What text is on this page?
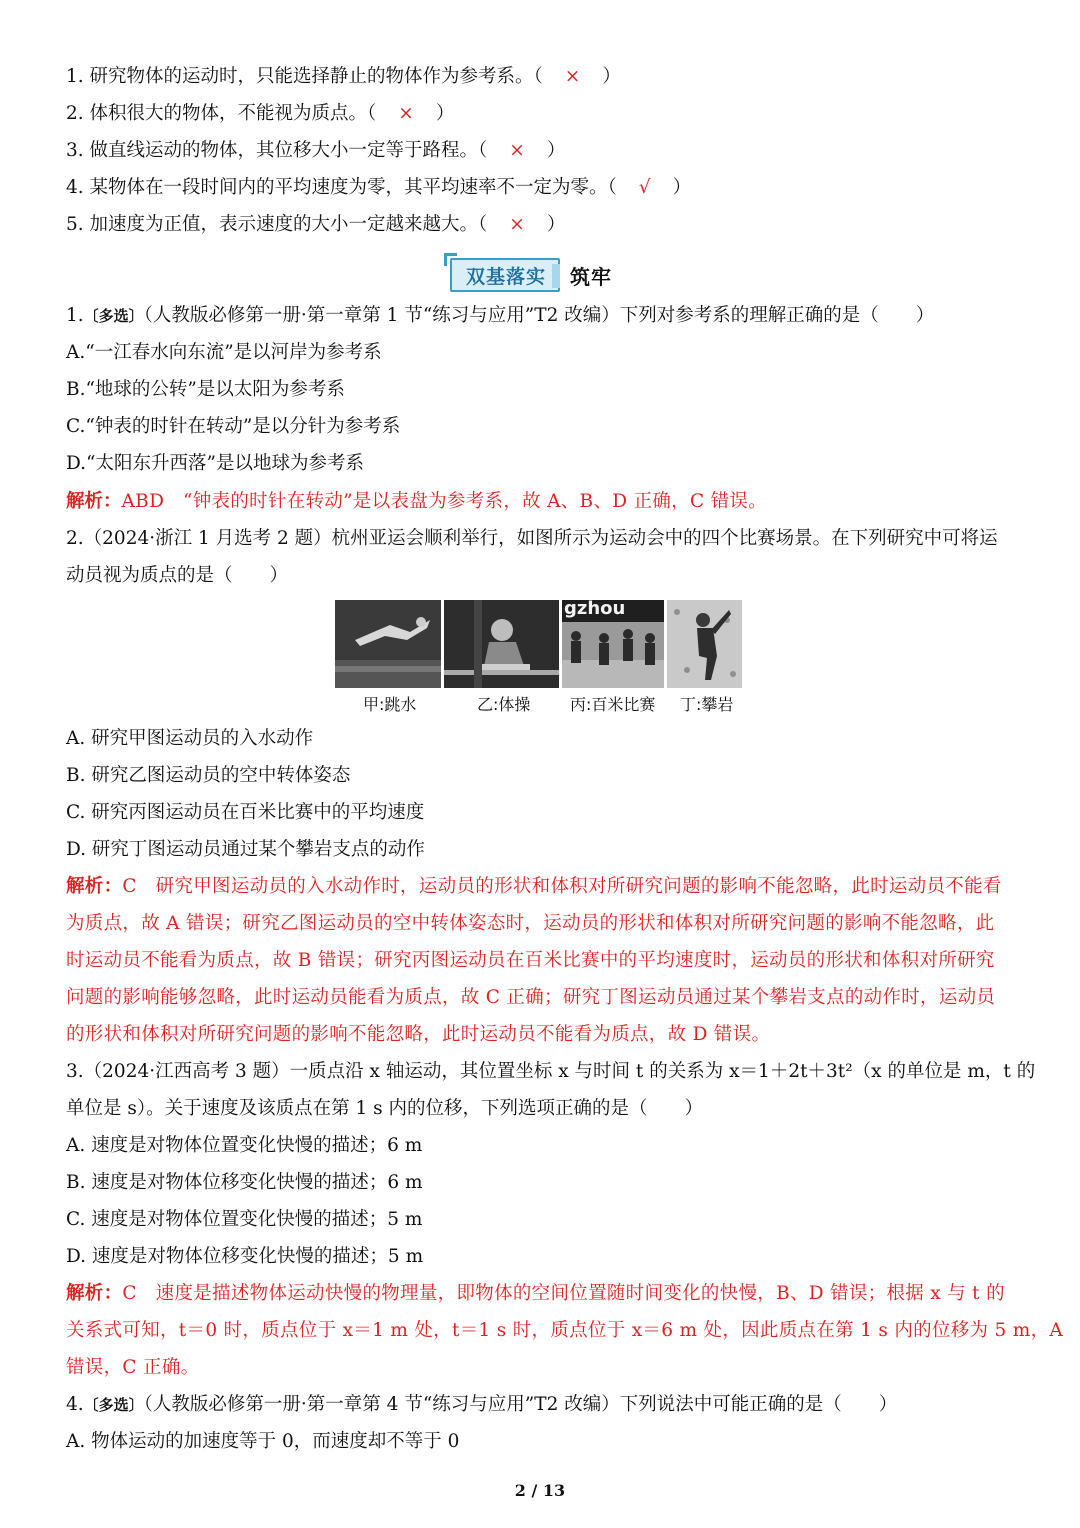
1. 研究物体的运动时，只能选择静止的物体作为参考系。（ × ）
2. 体积很大的物体，不能视为质点。（ × ）
3. 做直线运动的物体，其位移大小一定等于路程。（ × ）
4. 某物体在一段时间内的平均速度为零，其平均速率不一定为零。（ √ ）
5. 加速度为正值，表示速度的大小一定越来越大。（ × ）
双基落实	筑牢
1.〔多选〕（人教版必修第一册·第一章第 1 节“练习与应用”T2 改编）下列对参考系的理解正确的是（　　）
A.“一江春水向东流”是以河岸为参考系
B.“地球的公转”是以太阳为参考系
C.“钟表的时针在转动”是以分针为参考系
D.“太阳东升西落”是以地球为参考系
解析：ABD　“钟表的时针在转动”是以表盘为参考系，故 A、B、D 正确，C 错误。
2.（2024·浙江 1 月选考 2 题）杭州亚运会顺利举行，如图所示为运动会中的四个比赛场景。在下列研究中可将运
动员视为质点的是（　　）
gzhou
甲:跳水	乙:体操 丙:百米比赛 丁:攀岩
A. 研究甲图运动员的入水动作
B. 研究乙图运动员的空中转体姿态
C. 研究丙图运动员在百米比赛中的平均速度
D. 研究丁图运动员通过某个攀岩支点的动作
解析：C　研究甲图运动员的入水动作时，运动员的形状和体积对所研究问题的影响不能忽略，此时运动员不能看
为质点，故 A 错误；研究乙图运动员的空中转体姿态时，运动员的形状和体积对所研究问题的影响不能忽略，此
时运动员不能看为质点，故 B 错误；研究丙图运动员在百米比赛中的平均速度时，运动员的形状和体积对所研究
问题的影响能够忽略，此时运动员能看为质点，故 C 正确；研究丁图运动员通过某个攀岩支点的动作时，运动员
的形状和体积对所研究问题的影响不能忽略，此时运动员不能看为质点，故 D 错误。
3.（2024·江西高考 3 题）一质点沿 x 轴运动，其位置坐标 x 与时间 t 的关系为 x＝1＋2t＋3t²（x 的单位是 m，t 的
单位是 s）。关于速度及该质点在第 1 s 内的位移，下列选项正确的是（　　）
A. 速度是对物体位置变化快慢的描述；6 m
B. 速度是对物体位移变化快慢的描述；6 m
C. 速度是对物体位置变化快慢的描述；5 m
D. 速度是对物体位移变化快慢的描述；5 m
解析：C　速度是描述物体运动快慢的物理量，即物体的空间位置随时间变化的快慢，B、D 错误；根据 x 与 t 的
关系式可知，t＝0 时，质点位于 x＝1 m 处，t＝1 s 时，质点位于 x＝6 m 处，因此质点在第 1 s 内的位移为 5 m，A
错误，C 正确。
4.〔多选〕（人教版必修第一册·第一章第 4 节“练习与应用”T2 改编）下列说法中可能正确的是（　　）
A. 物体运动的加速度等于 0，而速度却不等于 0
2 / 13
